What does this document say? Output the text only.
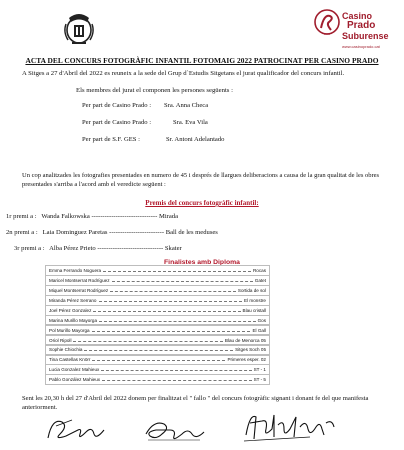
Casino
Prado
Suburense
www.casinoprado.cat
ACTA DEL CONCURS FOTOGRÀFIC INFANTIL FOTOMAIG 2022 PATROCINAT PER CASINO PRADO
A Sitges a 27 d'Abril del 2022 es reuneix a la sede del Grup d`Estudis Sitgetans el jurat qualificador del concurs infantil.
Els membres del jurat el componen les persones següents :
Per part de Casino Prado : Sra. Anna Checa
Per part de Casino Prado :	Sra. Eva Vila
Per part de S.F. GES :	Sr. Antoni Adelantado
Un cop analitzades les fotografies presentades en numero de 45 i després de llargues deliberacions a causa de la gran qualitat de les obres presentades s'arriba a l'acord amb el veredicte següent :
Premis del concurs fotogràfic infantil:
1r premi a : Wanda Falkowska ------------------------------ Mirada
2n premi a : Laia Dominguez Paretas ------------------------- Ball de les meduses
3r premi a : Alba Pérez Prieto ------------------------------ Skater
Finalistes amb Diploma
Emma Ferrando Noguera	Rocas
Maricel Montserrat Rodríguez	Gatet
Miquel Montserrat Rodríguez	Sortida de sol
Miranda Pérez Serrano	El monstre
Joel Pérez Gonzalez	Blau cristall
Marina Murillo Mayorga	Gos
Pol Murillo Mayorga	El Gall
Oriol Ripoll	Blau de Menorca 05
Sophie Chiochia	Sitges Soch 05
Tina Castellas Knörr	Primeres esper. 02
Lucia Gonzalez Mahieux	ST - 1
Pablo González Mahieux	ST - 5
Sent les 20,30 h del 27 d'Abril del 2022 donem per finalitzat el " fallo " del concurs fotogràfic signant i donant fe del que manifesta anteriorment.
